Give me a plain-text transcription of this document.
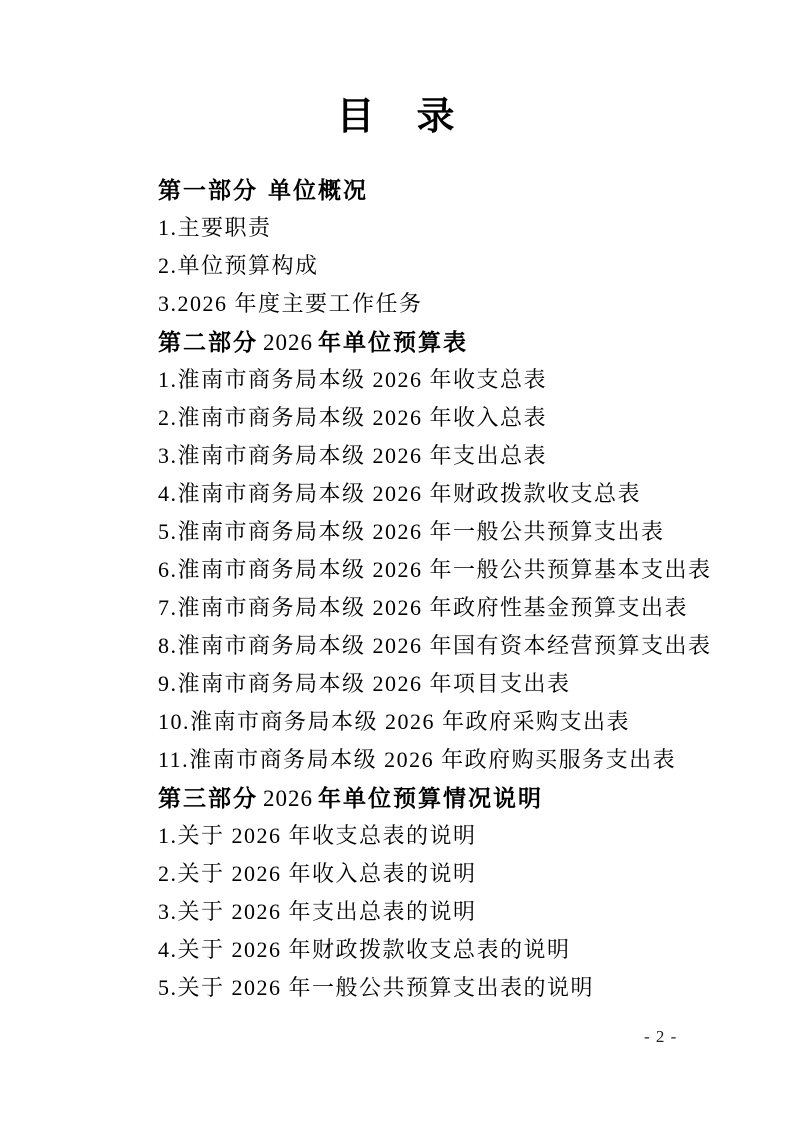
目　录
第一部分 单位概况
1.主要职责
2.单位预算构成
3.2026 年度主要工作任务
第二部分 2026 年单位预算表
1.淮南市商务局本级 2026 年收支总表
2.淮南市商务局本级 2026 年收入总表
3.淮南市商务局本级 2026 年支出总表
4.淮南市商务局本级 2026 年财政拨款收支总表
5.淮南市商务局本级 2026 年一般公共预算支出表
6.淮南市商务局本级 2026 年一般公共预算基本支出表
7.淮南市商务局本级 2026 年政府性基金预算支出表
8.淮南市商务局本级 2026 年国有资本经营预算支出表
9.淮南市商务局本级 2026 年项目支出表
10.淮南市商务局本级 2026 年政府采购支出表
11.淮南市商务局本级 2026 年政府购买服务支出表
第三部分 2026 年单位预算情况说明
1.关于 2026 年收支总表的说明
2.关于 2026 年收入总表的说明
3.关于 2026 年支出总表的说明
4.关于 2026 年财政拨款收支总表的说明
5.关于 2026 年一般公共预算支出表的说明
- 2 -
